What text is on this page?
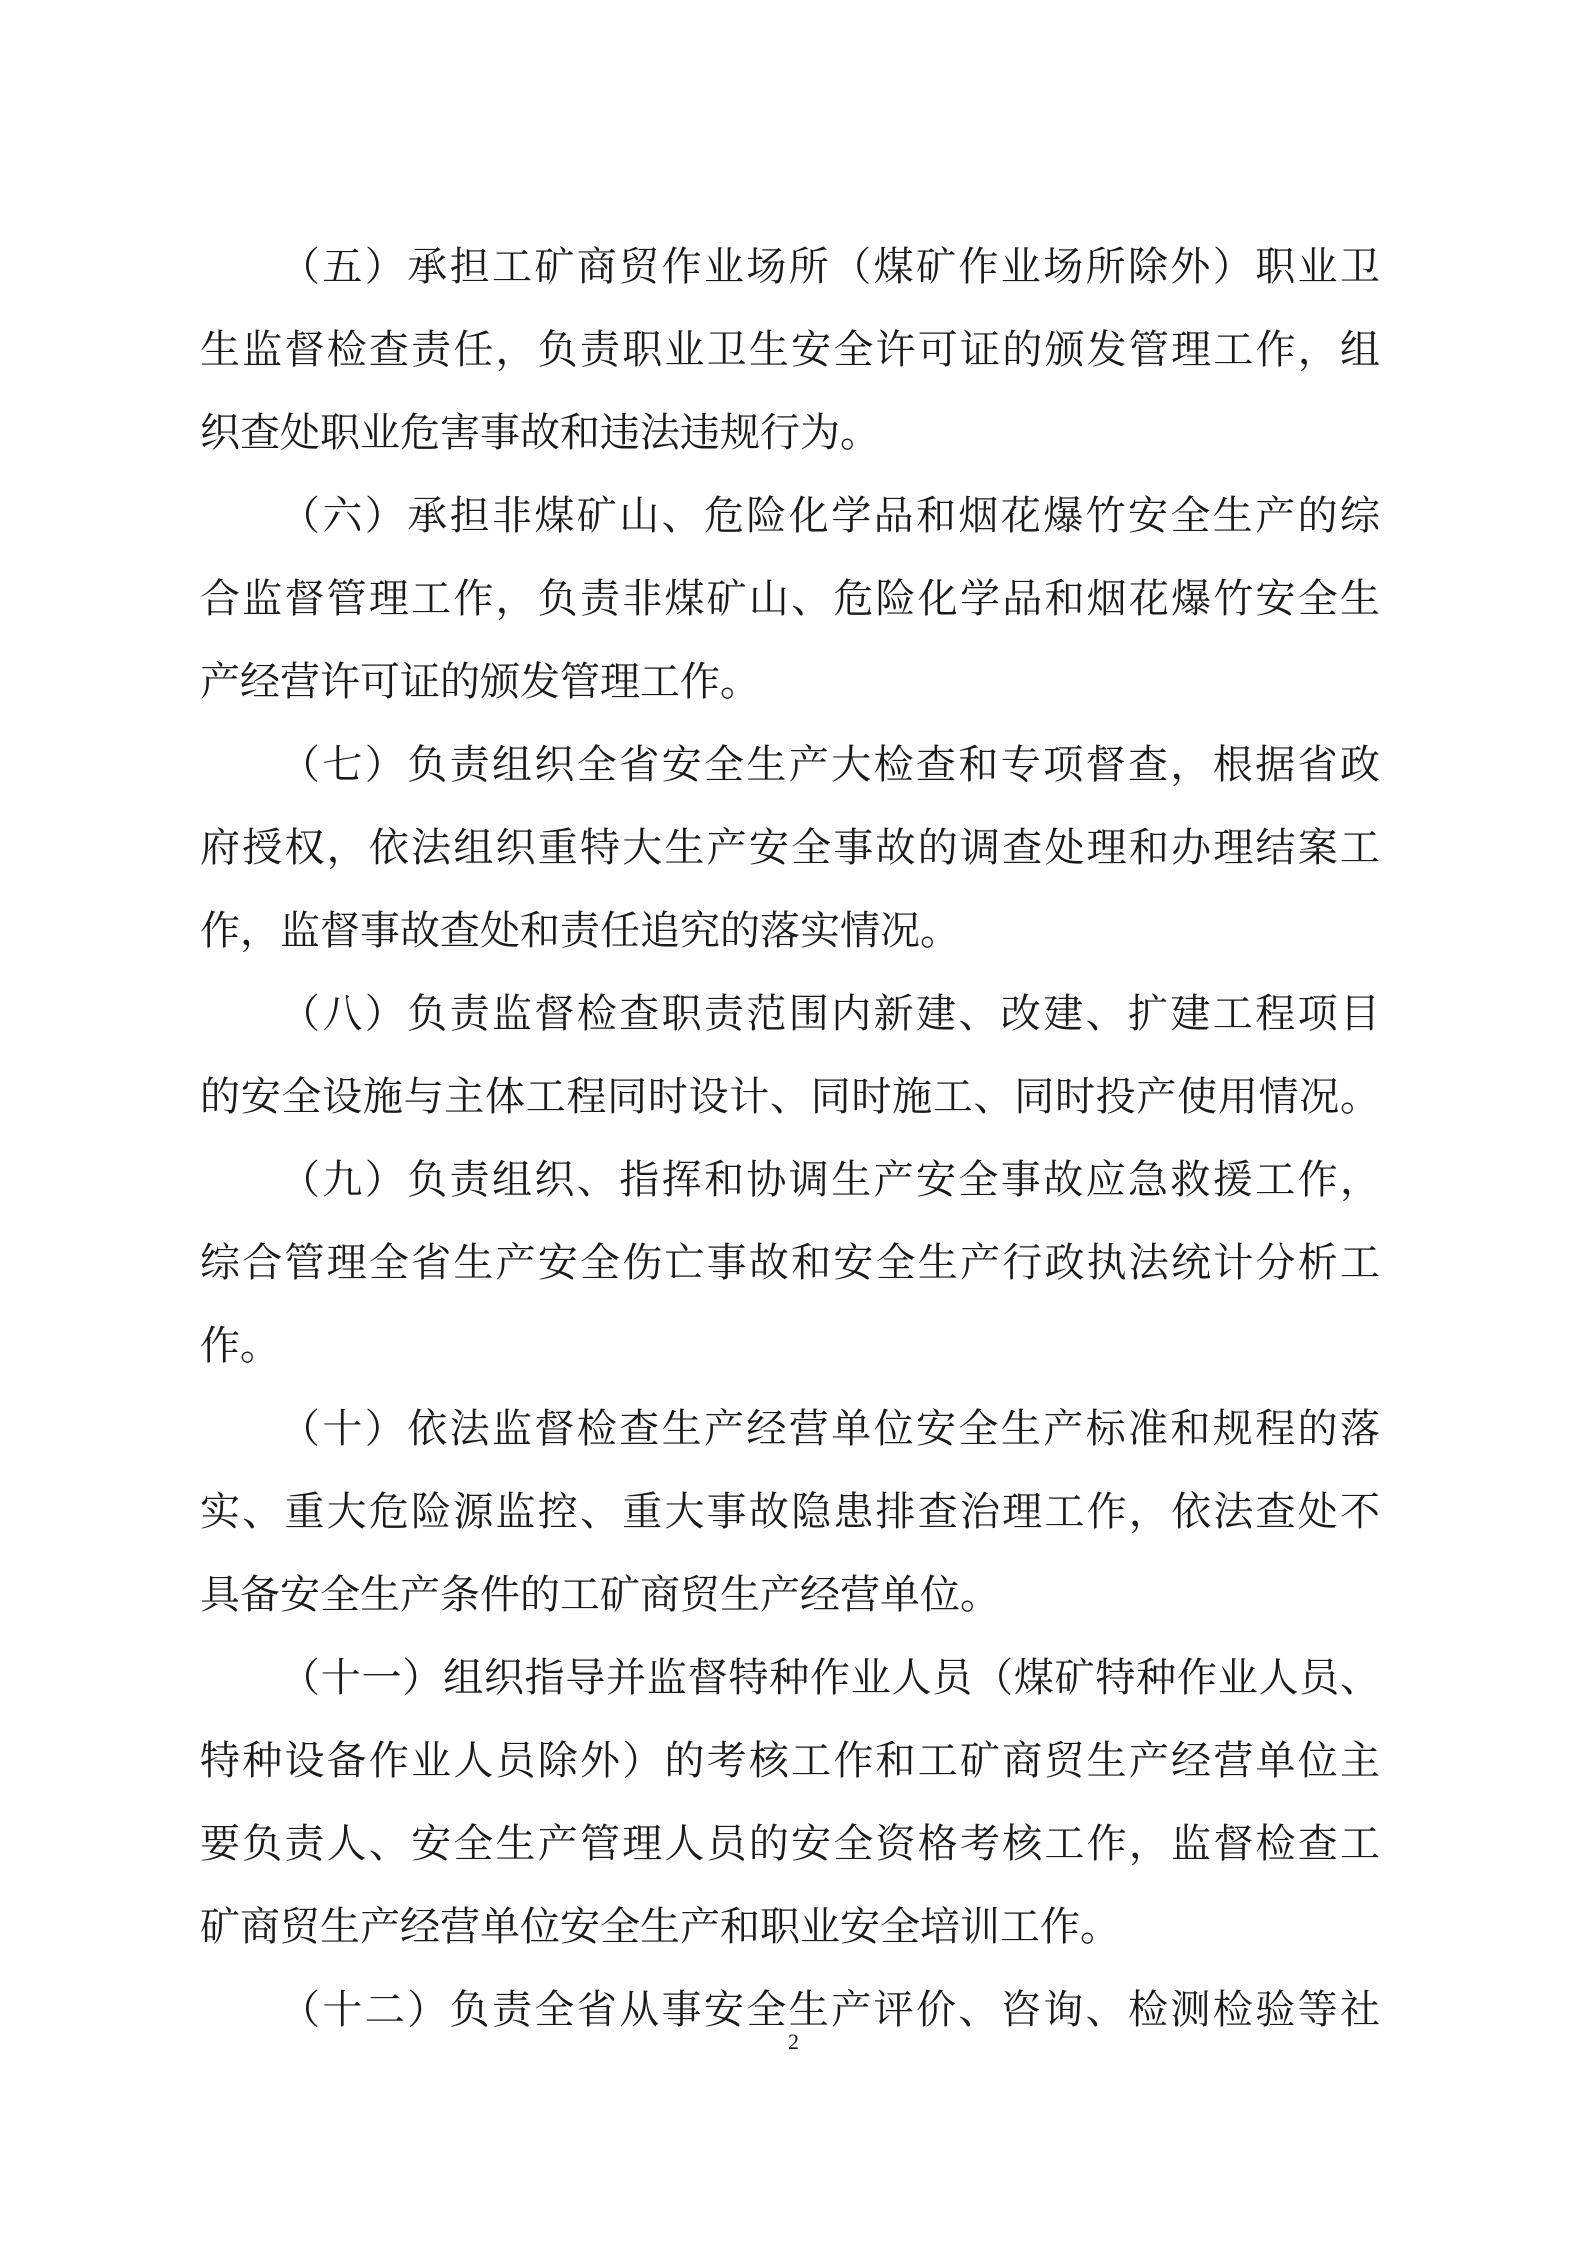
（五）承担工矿商贸作业场所（煤矿作业场所除外）职业卫
生监督检查责任，负责职业卫生安全许可证的颁发管理工作，组
织查处职业危害事故和违法违规行为。
（六）承担非煤矿山、危险化学品和烟花爆竹安全生产的综
合监督管理工作，负责非煤矿山、危险化学品和烟花爆竹安全生
产经营许可证的颁发管理工作。
（七）负责组织全省安全生产大检查和专项督查，根据省政
府授权，依法组织重特大生产安全事故的调查处理和办理结案工
作，监督事故查处和责任追究的落实情况。
（八）负责监督检查职责范围内新建、改建、扩建工程项目
的安全设施与主体工程同时设计、同时施工、同时投产使用情况。
（九）负责组织、指挥和协调生产安全事故应急救援工作，
综合管理全省生产安全伤亡事故和安全生产行政执法统计分析工
作。
（十）依法监督检查生产经营单位安全生产标准和规程的落
实、重大危险源监控、重大事故隐患排查治理工作，依法查处不
具备安全生产条件的工矿商贸生产经营单位。
（十一）组织指导并监督特种作业人员（煤矿特种作业人员、
特种设备作业人员除外）的考核工作和工矿商贸生产经营单位主
要负责人、安全生产管理人员的安全资格考核工作，监督检查工
矿商贸生产经营单位安全生产和职业安全培训工作。
（十二）负责全省从事安全生产评价、咨询、检测检验等社
2
